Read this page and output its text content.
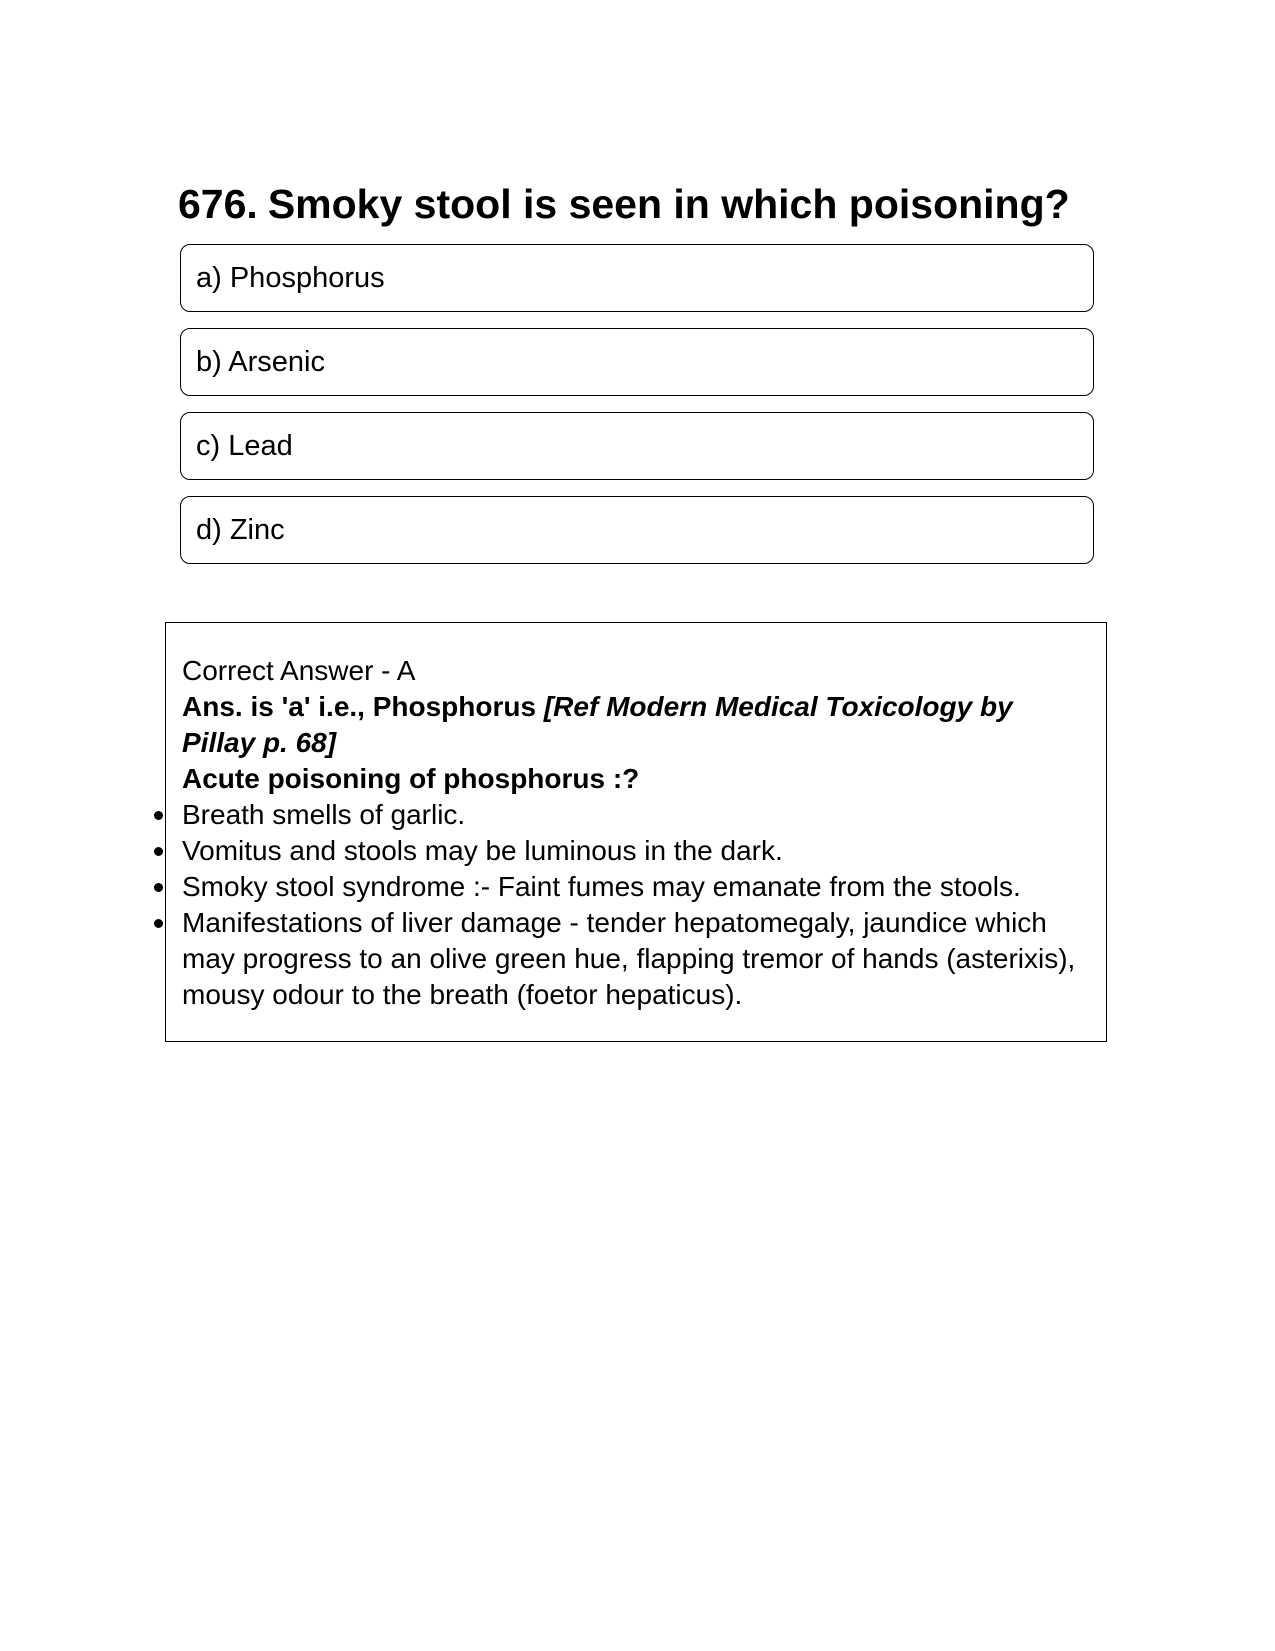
676. Smoky stool is seen in which poisoning?
a) Phosphorus
b) Arsenic
c) Lead
d) Zinc
Correct Answer - A
Ans. is 'a' i.e., Phosphorus [Ref Modern Medical Toxicology by Pillay p. 68]
Acute poisoning of phosphorus :?
Breath smells of garlic.
Vomitus and stools may be luminous in the dark.
Smoky stool syndrome :- Faint fumes may emanate from the stools.
Manifestations of liver damage - tender hepatomegaly, jaundice which may progress to an olive green hue, flapping tremor of hands (asterixis), mousy odour to the breath (foetor hepaticus).
